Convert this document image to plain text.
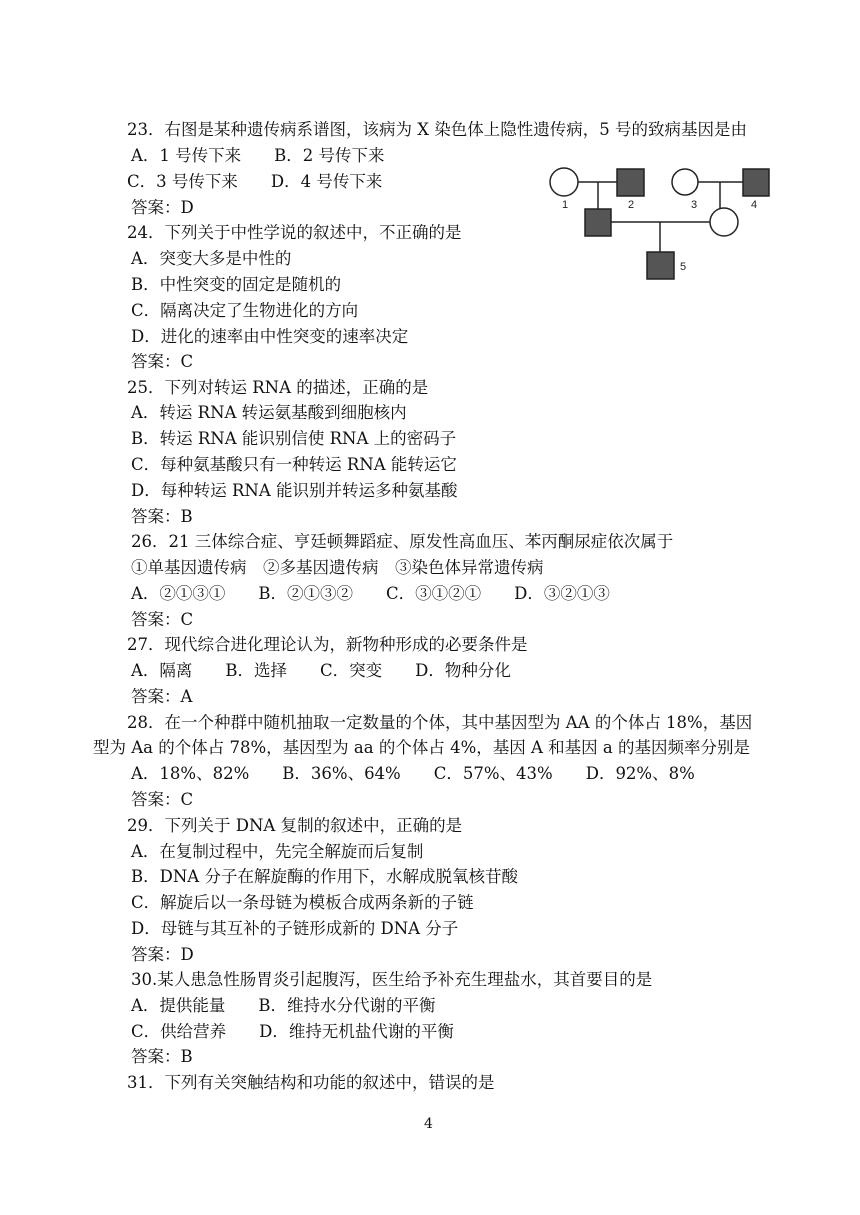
23．右图是某种遗传病系谱图，该病为 X 染色体上隐性遗传病，5 号的致病基因是由
A．1 号传下来　　B．2 号传下来
C．3 号传下来　　D．4 号传下来
答案：D
24．下列关于中性学说的叙述中，不正确的是
A．突变大多是中性的
B．中性突变的固定是随机的
C．隔离决定了生物进化的方向
D．进化的速率由中性突变的速率决定
答案：C
25．下列对转运 RNA 的描述，正确的是
A．转运 RNA 转运氨基酸到细胞核内
B．转运 RNA 能识别信使 RNA 上的密码子
C．每种氨基酸只有一种转运 RNA 能转运它
D．每种转运 RNA 能识别并转运多种氨基酸
答案：B
26．21 三体综合症、亨廷顿舞蹈症、原发性高血压、苯丙酮尿症依次属于
①单基因遗传病　②多基因遗传病　③染色体异常遗传病
A．②①③①　　B．②①③②　　C．③①②①　　D．③②①③
答案：C
27．现代综合进化理论认为，新物种形成的必要条件是
A．隔离　　B．选择　　C．突变　　D．物种分化
答案：A
28．在一个种群中随机抽取一定数量的个体，其中基因型为 AA 的个体占 18%，基因
型为 Aa 的个体占 78%，基因型为 aa 的个体占 4%，基因 A 和基因 a 的基因频率分别是
A．18%、82%　　B．36%、64%　　C．57%、43%　　D．92%、8%
答案：C
29．下列关于 DNA 复制的叙述中，正确的是
A．在复制过程中，先完全解旋而后复制
B．DNA 分子在解旋酶的作用下，水解成脱氧核苷酸
C．解旋后以一条母链为模板合成两条新的子链
D．母链与其互补的子链形成新的 DNA 分子
答案：D
30.某人患急性肠胃炎引起腹泻，医生给予补充生理盐水，其首要目的是
A．提供能量　　B．维持水分代谢的平衡
C．供给营养　　D．维持无机盐代谢的平衡
答案：B
31．下列有关突触结构和功能的叙述中，错误的是
1	2	3	4
5
4
